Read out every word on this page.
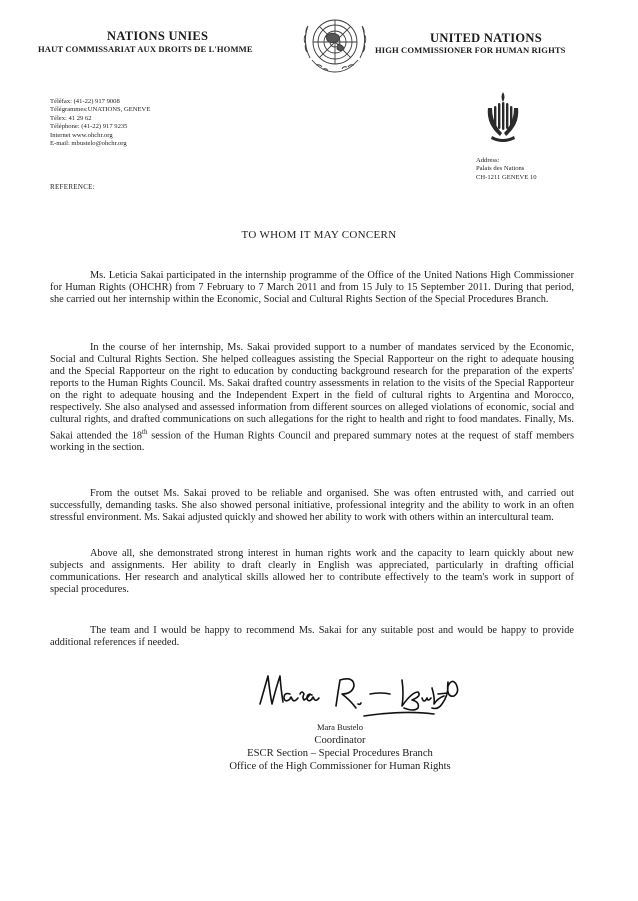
NATIONS UNIES
HAUT COMMISSARIAT AUX DROITS DE L'HOMME
UNITED NATIONS
HIGH COMMISSIONER FOR HUMAN RIGHTS
Téléfax: (41-22) 917 9008
Télégrammes:UNATIONS, GENEVE
Télex: 41 29 62
Téléphone: (41-22) 917 9235
Internet www.ohchr.org
E-mail: mbustelo@ohchr.org
Address:
Palais des Nations
CH-1211 GENEVE 10
REFERENCE:
TO WHOM IT MAY CONCERN
Ms. Leticia Sakai participated in the internship programme of the Office of the United Nations High Commissioner for Human Rights (OHCHR) from 7 February to 7 March 2011 and from 15 July to 15 September 2011. During that period, she carried out her internship within the Economic, Social and Cultural Rights Section of the Special Procedures Branch.
In the course of her internship, Ms. Sakai provided support to a number of mandates serviced by the Economic, Social and Cultural Rights Section. She helped colleagues assisting the Special Rapporteur on the right to adequate housing and the Special Rapporteur on the right to education by conducting background research for the preparation of the experts' reports to the Human Rights Council. Ms. Sakai drafted country assessments in relation to the visits of the Special Rapporteur on the right to adequate housing and the Independent Expert in the field of cultural rights to Argentina and Morocco, respectively. She also analysed and assessed information from different sources on alleged violations of economic, social and cultural rights, and drafted communications on such allegations for the right to health and right to food mandates. Finally, Ms. Sakai attended the 18th session of the Human Rights Council and prepared summary notes at the request of staff members working in the section.
From the outset Ms. Sakai proved to be reliable and organised. She was often entrusted with, and carried out successfully, demanding tasks. She also showed personal initiative, professional integrity and the ability to work in an often stressful environment. Ms. Sakai adjusted quickly and showed her ability to work with others within an intercultural team.
Above all, she demonstrated strong interest in human rights work and the capacity to learn quickly about new subjects and assignments. Her ability to draft clearly in English was appreciated, particularly in drafting official communications. Her research and analytical skills allowed her to contribute effectively to the team's work in support of special procedures.
The team and I would be happy to recommend Ms. Sakai for any suitable post and would be happy to provide additional references if needed.
Mara Bustelo
Coordinator
ESCR Section – Special Procedures Branch
Office of the High Commissioner for Human Rights
